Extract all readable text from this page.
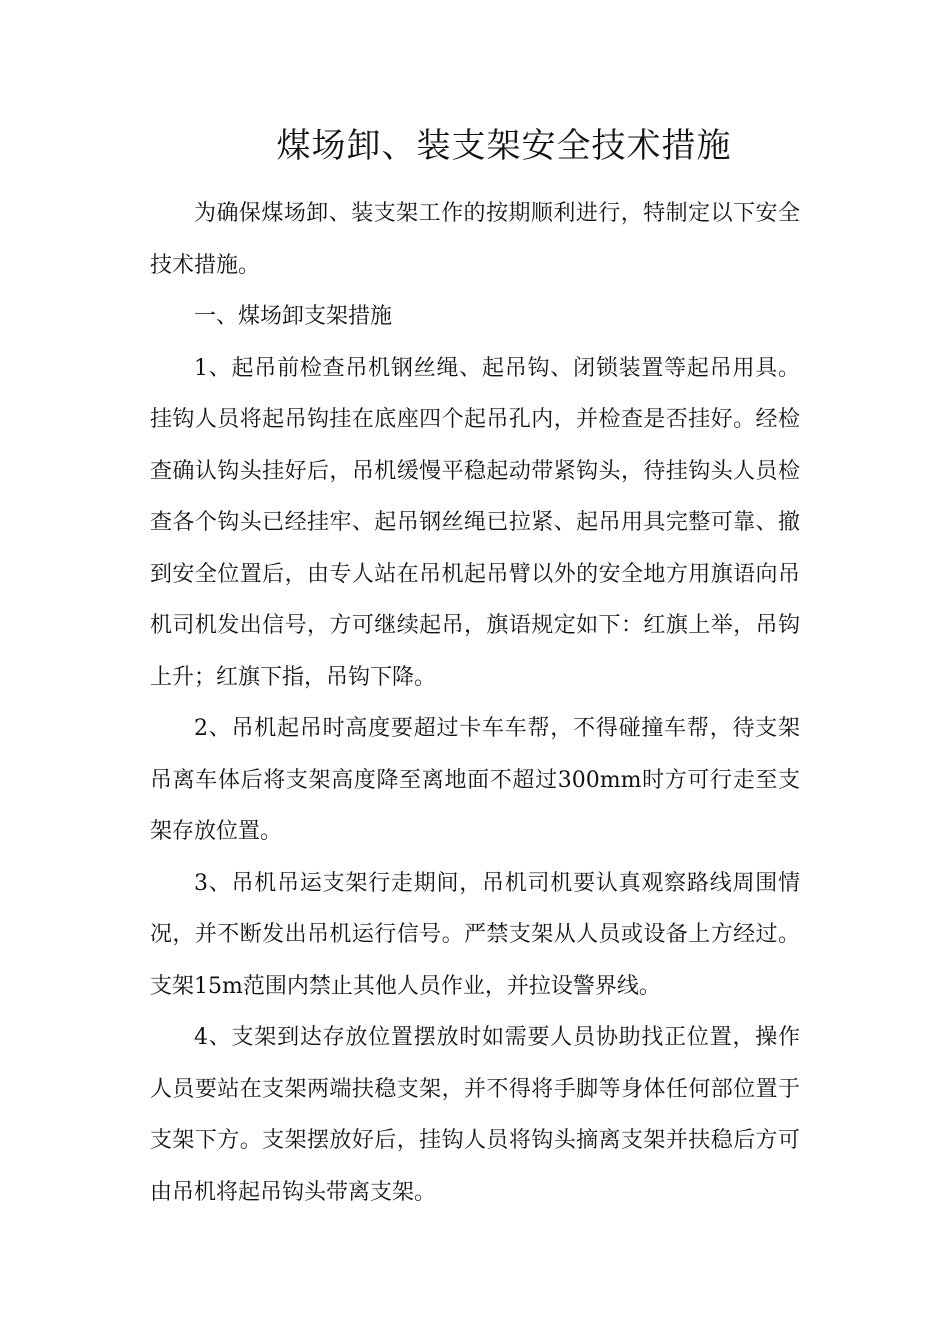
煤场卸、装支架安全技术措施

为确保煤场卸、装支架工作的按期顺利进行，特制定以下安全技术措施。

一、煤场卸支架措施

1、起吊前检查吊机钢丝绳、起吊钩、闭锁装置等起吊用具。挂钩人员将起吊钩挂在底座四个起吊孔内，并检查是否挂好。经检查确认钩头挂好后，吊机缓慢平稳起动带紧钩头，待挂钩头人员检查各个钩头已经挂牢、起吊钢丝绳已拉紧、起吊用具完整可靠、撤到安全位置后，由专人站在吊机起吊臂以外的安全地方用旗语向吊机司机发出信号，方可继续起吊，旗语规定如下：红旗上举，吊钩上升；红旗下指，吊钩下降。

2、吊机起吊时高度要超过卡车车帮，不得碰撞车帮，待支架吊离车体后将支架高度降至离地面不超过300mm时方可行走至支架存放位置。

3、吊机吊运支架行走期间，吊机司机要认真观察路线周围情况，并不断发出吊机运行信号。严禁支架从人员或设备上方经过。支架15m范围内禁止其他人员作业，并拉设警界线。

4、支架到达存放位置摆放时如需要人员协助找正位置，操作人员要站在支架两端扶稳支架，并不得将手脚等身体任何部位置于支架下方。支架摆放好后，挂钩人员将钩头摘离支架并扶稳后方可由吊机将起吊钩头带离支架。
